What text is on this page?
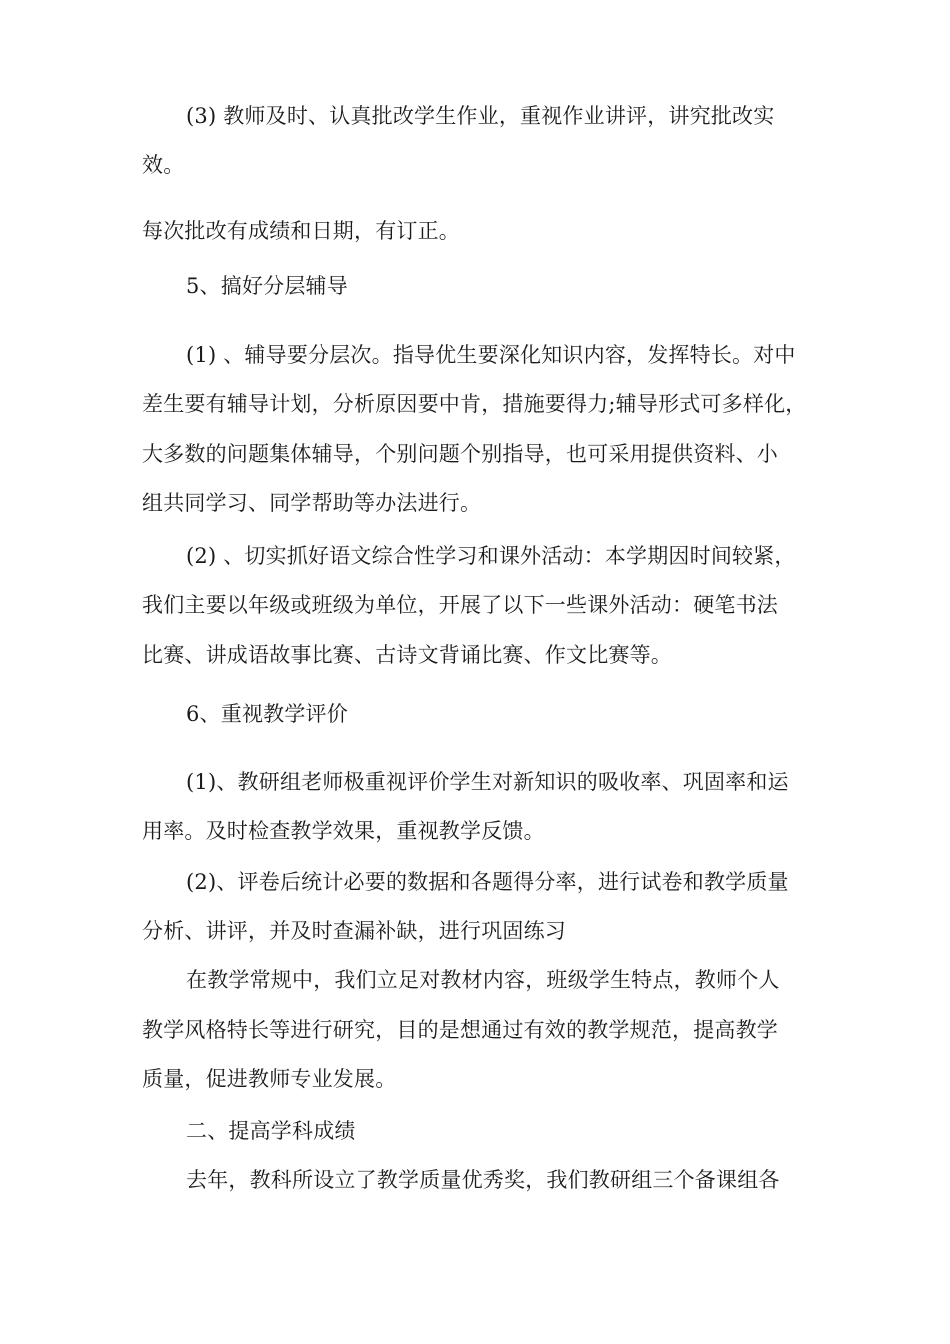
(3) 教师及时、认真批改学生作业，重视作业讲评，讲究批改实
效。
每次批改有成绩和日期，有订正。
5、搞好分层辅导
(1) 、辅导要分层次。指导优生要深化知识内容，发挥特长。对中
差生要有辅导计划，分析原因要中肯，措施要得力;辅导形式可多样化，
大多数的问题集体辅导，个别问题个别指导，也可采用提供资料、小
组共同学习、同学帮助等办法进行。
(2) 、切实抓好语文综合性学习和课外活动：本学期因时间较紧，
我们主要以年级或班级为单位，开展了以下一些课外活动：硬笔书法
比赛、讲成语故事比赛、古诗文背诵比赛、作文比赛等。
6、重视教学评价
(1)、教研组老师极重视评价学生对新知识的吸收率、巩固率和运
用率。及时检查教学效果，重视教学反馈。
(2)、评卷后统计必要的数据和各题得分率，进行试卷和教学质量
分析、讲评，并及时查漏补缺，进行巩固练习
在教学常规中，我们立足对教材内容，班级学生特点，教师个人
教学风格特长等进行研究，目的是想通过有效的教学规范，提高教学
质量，促进教师专业发展。
二、提高学科成绩
去年，教科所设立了教学质量优秀奖，我们教研组三个备课组各
